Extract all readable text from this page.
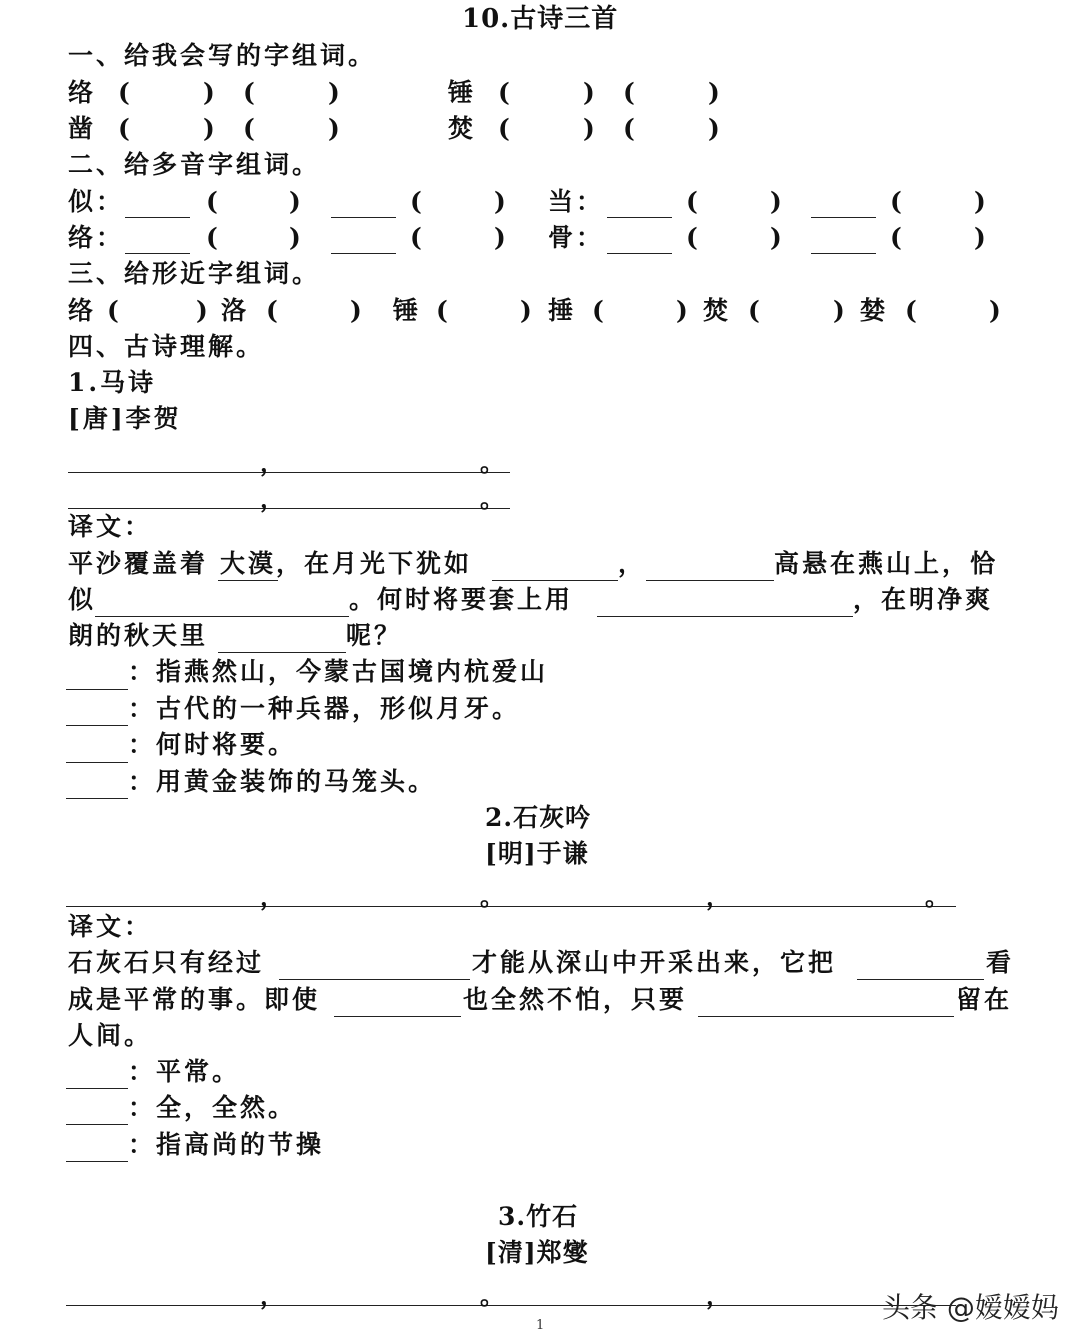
10.古诗三首
一、给我会写的字组词。
络 (	) (	)	锤 (	) (	)
凿 (	) (	)	焚 (	) (	)
二、给多音字组词。
似：	(	)	(	) 当：	(	)	(	)
络：	(	)	(	) 骨：	(	)	(	)
三、给形近字组词。
络 (	) 洛 (	) 锤 (	) 捶 (	) 焚 (	) 婪 (	)
四、古诗理解。
1.马诗
[唐]李贺
，	。
，	。
译文：
平沙覆盖着 大漠 ，在月光下犹如	，	高悬在燕山上，恰
似	。何时将要套上用	，在明净爽
朗的秋天里	呢？
：指燕然山，今蒙古国境内杭爱山
：古代的一种兵器，形似月牙。
：何时将要。
：用黄金装饰的马笼头。
2.石灰吟
[明]于谦
，	。	，	。
译文：
石灰石只有经过	才能从深山中开采出来，它把	看
成是平常的事。即使	也全然不怕，只要	留在
人间。
：平常。
：全，全然。
：指高尚的节操
3.竹石
[清]郑燮
，	。	，	头条 @嫒嫒妈
1
